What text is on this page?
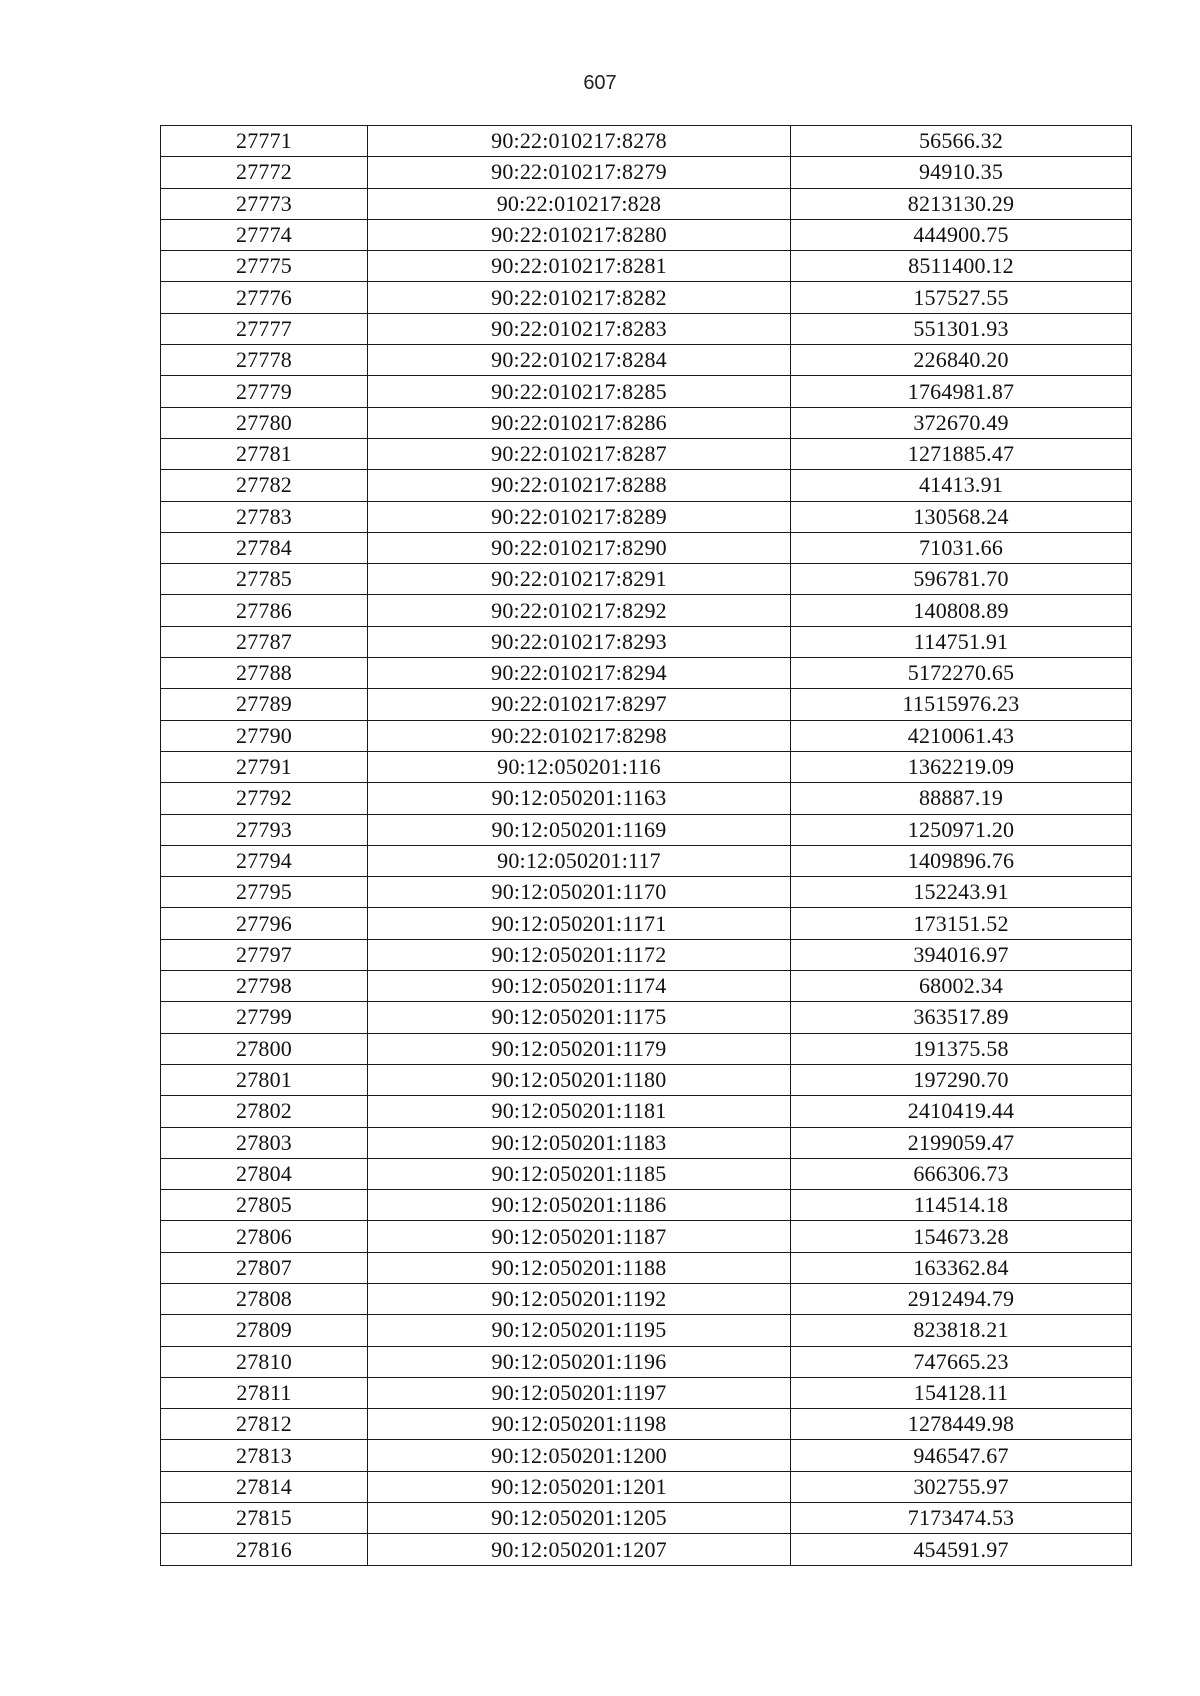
607
27771	90:22:010217:8278	56566.32
27772	90:22:010217:8279	94910.35
27773	90:22:010217:828	8213130.29
27774	90:22:010217:8280	444900.75
27775	90:22:010217:8281	8511400.12
27776	90:22:010217:8282	157527.55
27777	90:22:010217:8283	551301.93
27778	90:22:010217:8284	226840.20
27779	90:22:010217:8285	1764981.87
27780	90:22:010217:8286	372670.49
27781	90:22:010217:8287	1271885.47
27782	90:22:010217:8288	41413.91
27783	90:22:010217:8289	130568.24
27784	90:22:010217:8290	71031.66
27785	90:22:010217:8291	596781.70
27786	90:22:010217:8292	140808.89
27787	90:22:010217:8293	114751.91
27788	90:22:010217:8294	5172270.65
27789	90:22:010217:8297	11515976.23
27790	90:22:010217:8298	4210061.43
27791	90:12:050201:116	1362219.09
27792	90:12:050201:1163	88887.19
27793	90:12:050201:1169	1250971.20
27794	90:12:050201:117	1409896.76
27795	90:12:050201:1170	152243.91
27796	90:12:050201:1171	173151.52
27797	90:12:050201:1172	394016.97
27798	90:12:050201:1174	68002.34
27799	90:12:050201:1175	363517.89
27800	90:12:050201:1179	191375.58
27801	90:12:050201:1180	197290.70
27802	90:12:050201:1181	2410419.44
27803	90:12:050201:1183	2199059.47
27804	90:12:050201:1185	666306.73
27805	90:12:050201:1186	114514.18
27806	90:12:050201:1187	154673.28
27807	90:12:050201:1188	163362.84
27808	90:12:050201:1192	2912494.79
27809	90:12:050201:1195	823818.21
27810	90:12:050201:1196	747665.23
27811	90:12:050201:1197	154128.11
27812	90:12:050201:1198	1278449.98
27813	90:12:050201:1200	946547.67
27814	90:12:050201:1201	302755.97
27815	90:12:050201:1205	7173474.53
27816	90:12:050201:1207	454591.97
